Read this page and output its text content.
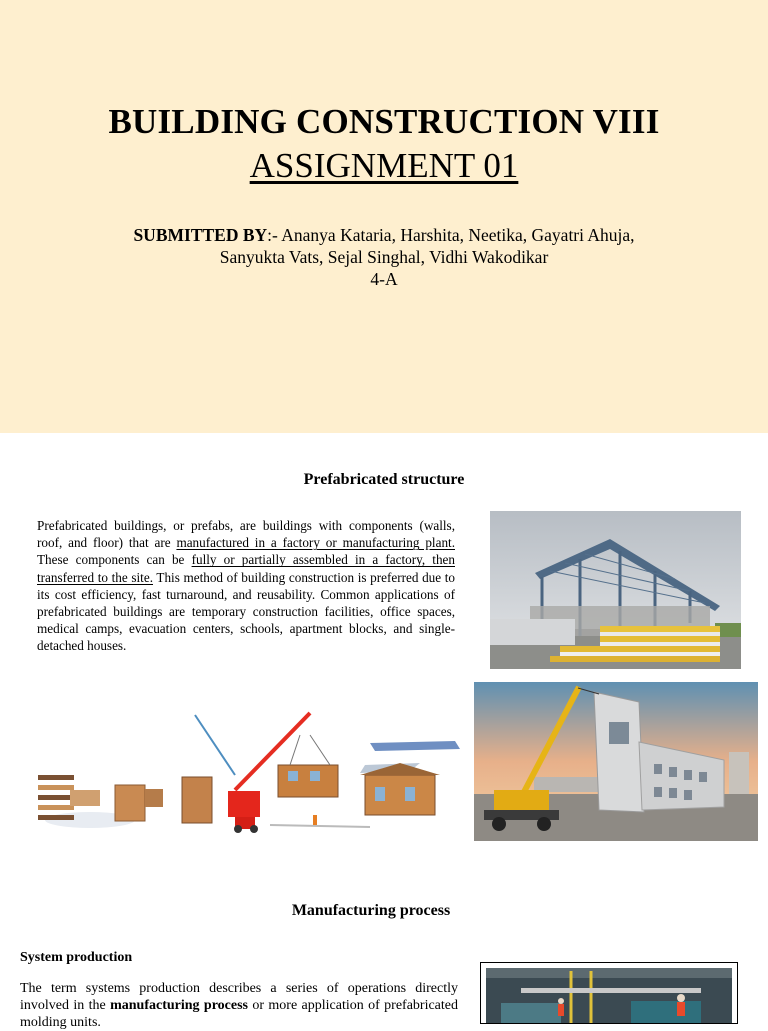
BUILDING CONSTRUCTION VIII
ASSIGNMENT 01
SUBMITTED BY:- Ananya Kataria, Harshita, Neetika, Gayatri Ahuja,
Sanyukta Vats, Sejal Singhal, Vidhi Wakodikar
4-A
Prefabricated structure
Prefabricated buildings, or prefabs, are buildings with components (walls, roof, and floor) that are manufactured in a factory or manufacturing plant. These components can be fully or partially assembled in a factory, then transferred to the site. This method of building construction is preferred due to its cost efficiency, fast turnaround, and reusability. Common applications of prefabricated buildings are temporary construction facilities, office spaces, medical camps, evacuation centers, schools, apartment blocks, and single-detached houses.
Manufacturing process
System production
The term systems production describes a series of operations directly involved in the manufacturing process or more application of prefabricated molding units.
